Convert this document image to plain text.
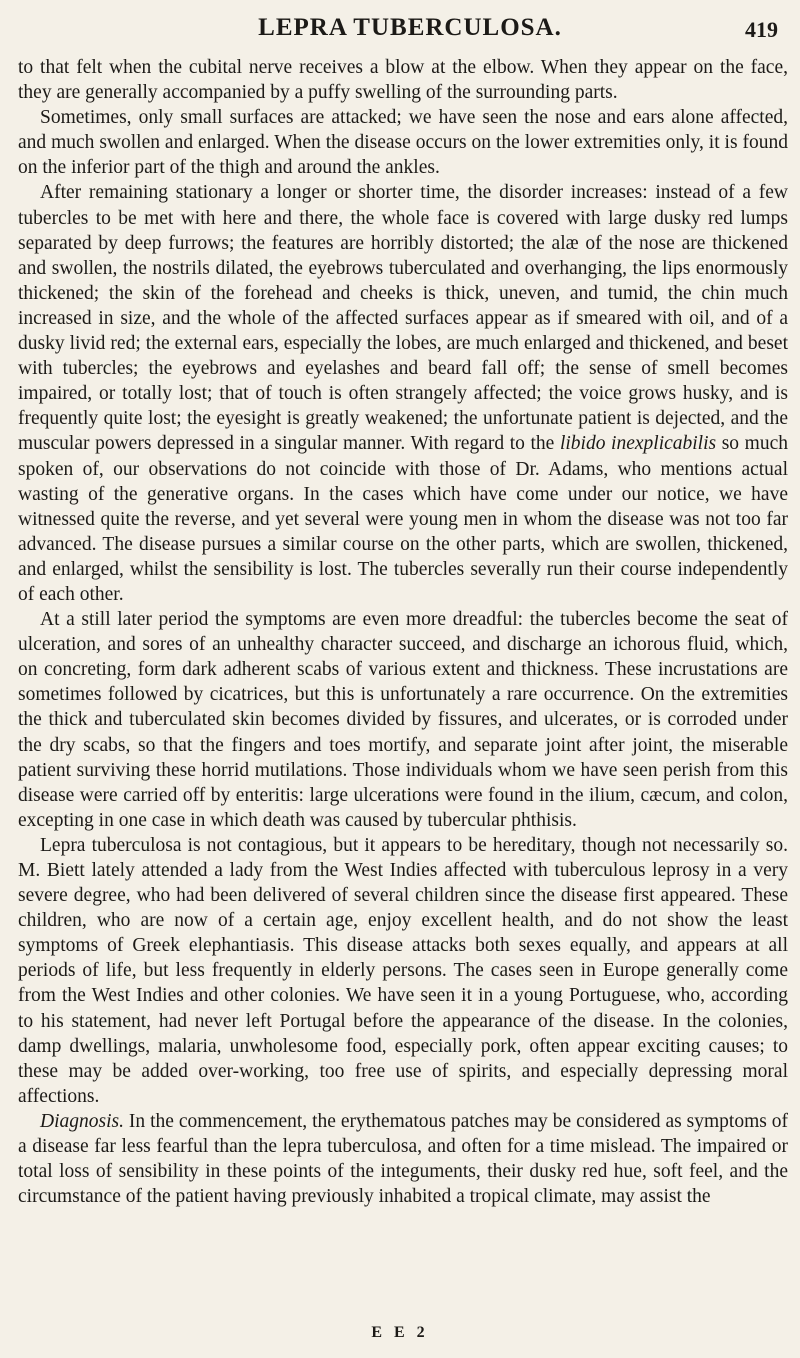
LEPRA TUBERCULOSA.	419

to that felt when the cubital nerve receives a blow at the elbow. When they appear on the face, they are generally accompanied by a puffy swelling of the surrounding parts.

Sometimes, only small surfaces are attacked; we have seen the nose and ears alone affected, and much swollen and enlarged. When the disease occurs on the lower extremities only, it is found on the inferior part of the thigh and around the ankles.

After remaining stationary a longer or shorter time, the disorder increases: instead of a few tubercles to be met with here and there, the whole face is covered with large dusky red lumps separated by deep furrows; the features are horribly distorted; the alæ of the nose are thickened and swollen, the nostrils dilated, the eyebrows tuberculated and overhanging, the lips enormously thickened; the skin of the forehead and cheeks is thick, uneven, and tumid, the chin much increased in size, and the whole of the affected surfaces appear as if smeared with oil, and of a dusky livid red; the external ears, especially the lobes, are much enlarged and thickened, and beset with tubercles; the eyebrows and eyelashes and beard fall off; the sense of smell becomes impaired, or totally lost; that of touch is often strangely affected; the voice grows husky, and is frequently quite lost; the eyesight is greatly weakened; the unfortunate patient is dejected, and the muscular powers depressed in a singular manner. With regard to the libido inexplicabilis so much spoken of, our observations do not coincide with those of Dr. Adams, who mentions actual wasting of the generative organs. In the cases which have come under our notice, we have witnessed quite the reverse, and yet several were young men in whom the disease was not too far advanced. The disease pursues a similar course on the other parts, which are swollen, thickened, and enlarged, whilst the sensibility is lost. The tubercles severally run their course independently of each other.

At a still later period the symptoms are even more dreadful: the tubercles become the seat of ulceration, and sores of an unhealthy character succeed, and discharge an ichorous fluid, which, on concreting, form dark adherent scabs of various extent and thickness. These incrustations are sometimes followed by cicatrices, but this is unfortunately a rare occurrence. On the extremities the thick and tuberculated skin becomes divided by fissures, and ulcerates, or is corroded under the dry scabs, so that the fingers and toes mortify, and separate joint after joint, the miserable patient surviving these horrid mutilations. Those individuals whom we have seen perish from this disease were carried off by enteritis: large ulcerations were found in the ilium, cæcum, and colon, excepting in one case in which death was caused by tubercular phthisis.

Lepra tuberculosa is not contagious, but it appears to be hereditary, though not necessarily so. M. Biett lately attended a lady from the West Indies affected with tuberculous leprosy in a very severe degree, who had been delivered of several children since the disease first appeared. These children, who are now of a certain age, enjoy excellent health, and do not show the least symptoms of Greek elephantiasis. This disease attacks both sexes equally, and appears at all periods of life, but less frequently in elderly persons. The cases seen in Europe generally come from the West Indies and other colonies. We have seen it in a young Portuguese, who, according to his statement, had never left Portugal before the appearance of the disease. In the colonies, damp dwellings, malaria, unwholesome food, especially pork, often appear exciting causes; to these may be added over-working, too free use of spirits, and especially depressing moral affections.

Diagnosis. In the commencement, the erythematous patches may be considered as symptoms of a disease far less fearful than the lepra tuberculosa, and often for a time mislead. The impaired or total loss of sensibility in these points of the integuments, their dusky red hue, soft feel, and the circumstance of the patient having previously inhabited a tropical climate, may assist the

E E 2
